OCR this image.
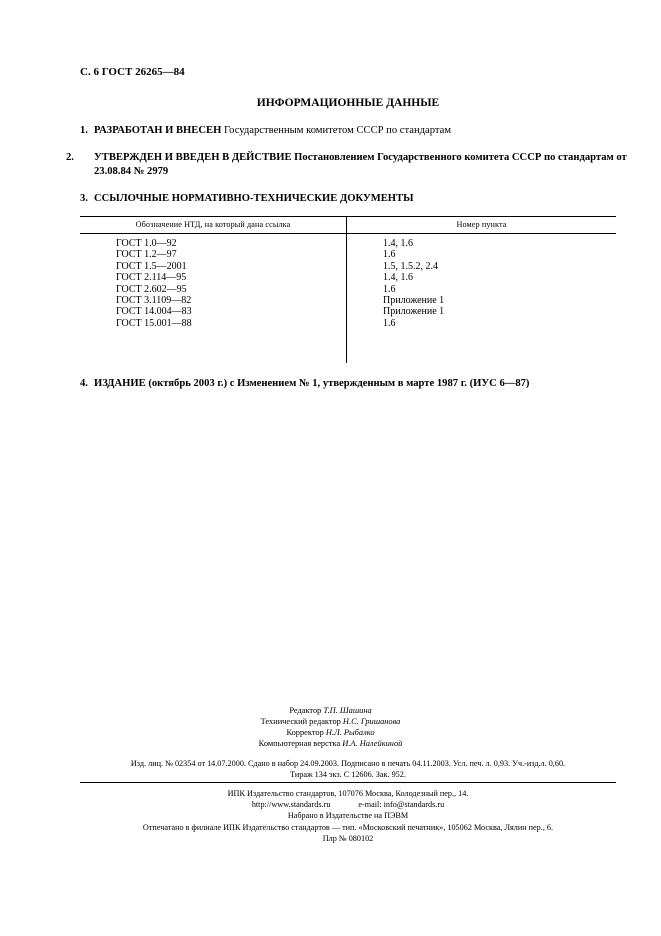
С. 6 ГОСТ 26265—84
ИНФОРМАЦИОННЫЕ ДАННЫЕ
1. РАЗРАБОТАН И ВНЕСЕН Государственным комитетом СССР по стандартам
2. УТВЕРЖДЕН И ВВЕДЕН В ДЕЙСТВИЕ Постановлением Государственного комитета СССР по стандартам от 23.08.84 № 2979
3. ССЫЛОЧНЫЕ НОРМАТИВНО-ТЕХНИЧЕСКИЕ ДОКУМЕНТЫ
Обозначение НТД, на который дана ссылка	Номер пункта
ГОСТ 1.0—92	1.4, 1.6
ГОСТ 1.2—97	1.6
ГОСТ 1.5—2001	1.5, 1.5.2, 2.4
ГОСТ 2.114—95	1.4, 1.6
ГОСТ 2.602—95	1.6
ГОСТ 3.1109—82	Приложение 1
ГОСТ 14.004—83	Приложение 1
ГОСТ 15.001—88	1.6
4. ИЗДАНИЕ (октябрь 2003 г.) с Изменением № 1, утвержденным в марте 1987 г. (ИУС 6—87)
Редактор Т.П. Шашина
Технический редактор Н.С. Гришанова
Корректор Н.Л. Рыбалко
Компьютерная верстка И.А. Налейкиной
Изд. лиц. № 02354 от 14.07.2000. Сдано в набор 24.09.2003. Подписано в печать 04.11.2003. Усл. печ. л. 0,93. Уч.-изд.л. 0,60.
Тираж 134 экз. С 12606. Зак. 952.
ИПК Издательство стандартов, 107076 Москва, Колодезный пер., 14.
http://www.standards.ru	e-mail: info@standards.ru
Набрано в Издательстве на ПЭВМ
Отпечатано в филиале ИПК Издательство стандартов — тип. «Московский печатник», 105062 Москва, Лялин пер., 6.
Плр № 080102
